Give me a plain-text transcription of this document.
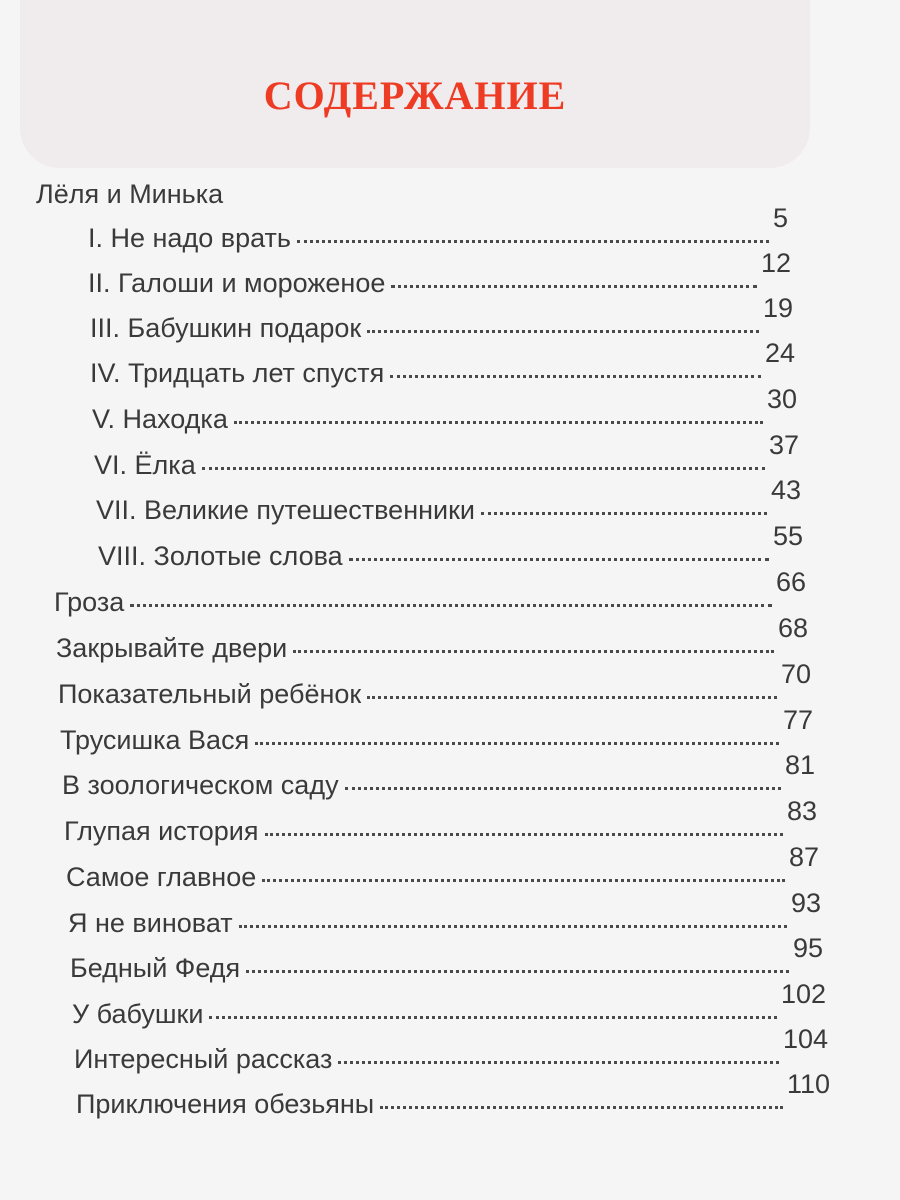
СОДЕРЖАНИЕ
Лёля и Минька
I. Не надо врать
5
II. Галоши и мороженое
12
III. Бабушкин подарок
19
IV. Тридцать лет спустя
24
V. Находка
30
VI. Ёлка
37
VII. Великие путешественники
43
VIII. Золотые слова
55
Гроза
66
Закрывайте двери
68
Показательный ребёнок
70
Трусишка Вася
77
В зоологическом саду
81
Глупая история
83
Самое главное
87
Я не виноват
93
Бедный Федя
95
У бабушки
102
Интересный рассказ
104
Приключения обезьяны
110
